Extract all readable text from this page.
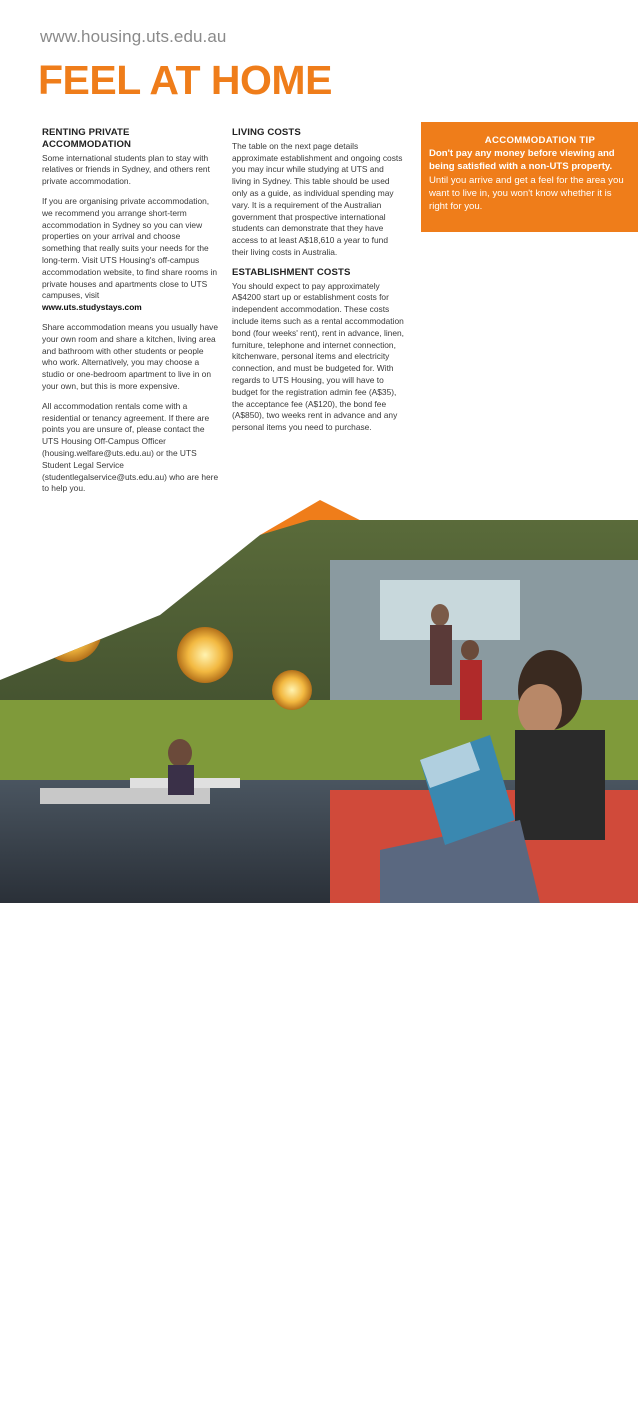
www.housing.uts.edu.au
FEEL AT HOME
RENTING PRIVATE ACCOMMODATION

Some international students plan to stay with relatives or friends in Sydney, and others rent private accommodation.

If you are organising private accommodation, we recommend you arrange short-term accommodation in Sydney so you can view properties on your arrival and choose something that really suits your needs for the long-term. Visit UTS Housing's off-campus accommodation website, to find share rooms in private houses and apartments close to UTS campuses, visit
www.uts.studystays.com

Share accommodation means you usually have your own room and share a kitchen, living area and bathroom with other students or people who work. Alternatively, you may choose a studio or one-bedroom apartment to live in on your own, but this is more expensive.

All accommodation rentals come with a residential or tenancy agreement. If there are points you are unsure of, please contact the UTS Housing Off-Campus Officer (housing.welfare@uts.edu.au) or the UTS Student Legal Service (studentlegalservice@uts.edu.au) who are here to help you.

LIVING COSTS

The table on the next page details approximate establishment and ongoing costs you may incur while studying at UTS and living in Sydney. This table should be used only as a guide, as individual spending may vary. It is a requirement of the Australian government that prospective international students can demonstrate that they have access to at least A$18,610 a year to fund their living costs in Australia.

ESTABLISHMENT COSTS

You should expect to pay approximately A$4200 start up or establishment costs for independent accommodation. These costs include items such as a rental accommodation bond (four weeks' rent), rent in advance, linen, furniture, telephone and internet connection, kitchenware, personal items and electricity connection, and must be budgeted for. With regards to UTS Housing, you will have to budget for the registration admin fee (A$35), the acceptance fee (A$120), the bond fee (A$850), two weeks rent in advance and any personal items you need to purchase.

ACCOMMODATION TIP
Don't pay any money before viewing and being satisfied with a non-UTS property. Until you arrive and get a feel for the area you want to live in, you won't know whether it is right for you.
26
